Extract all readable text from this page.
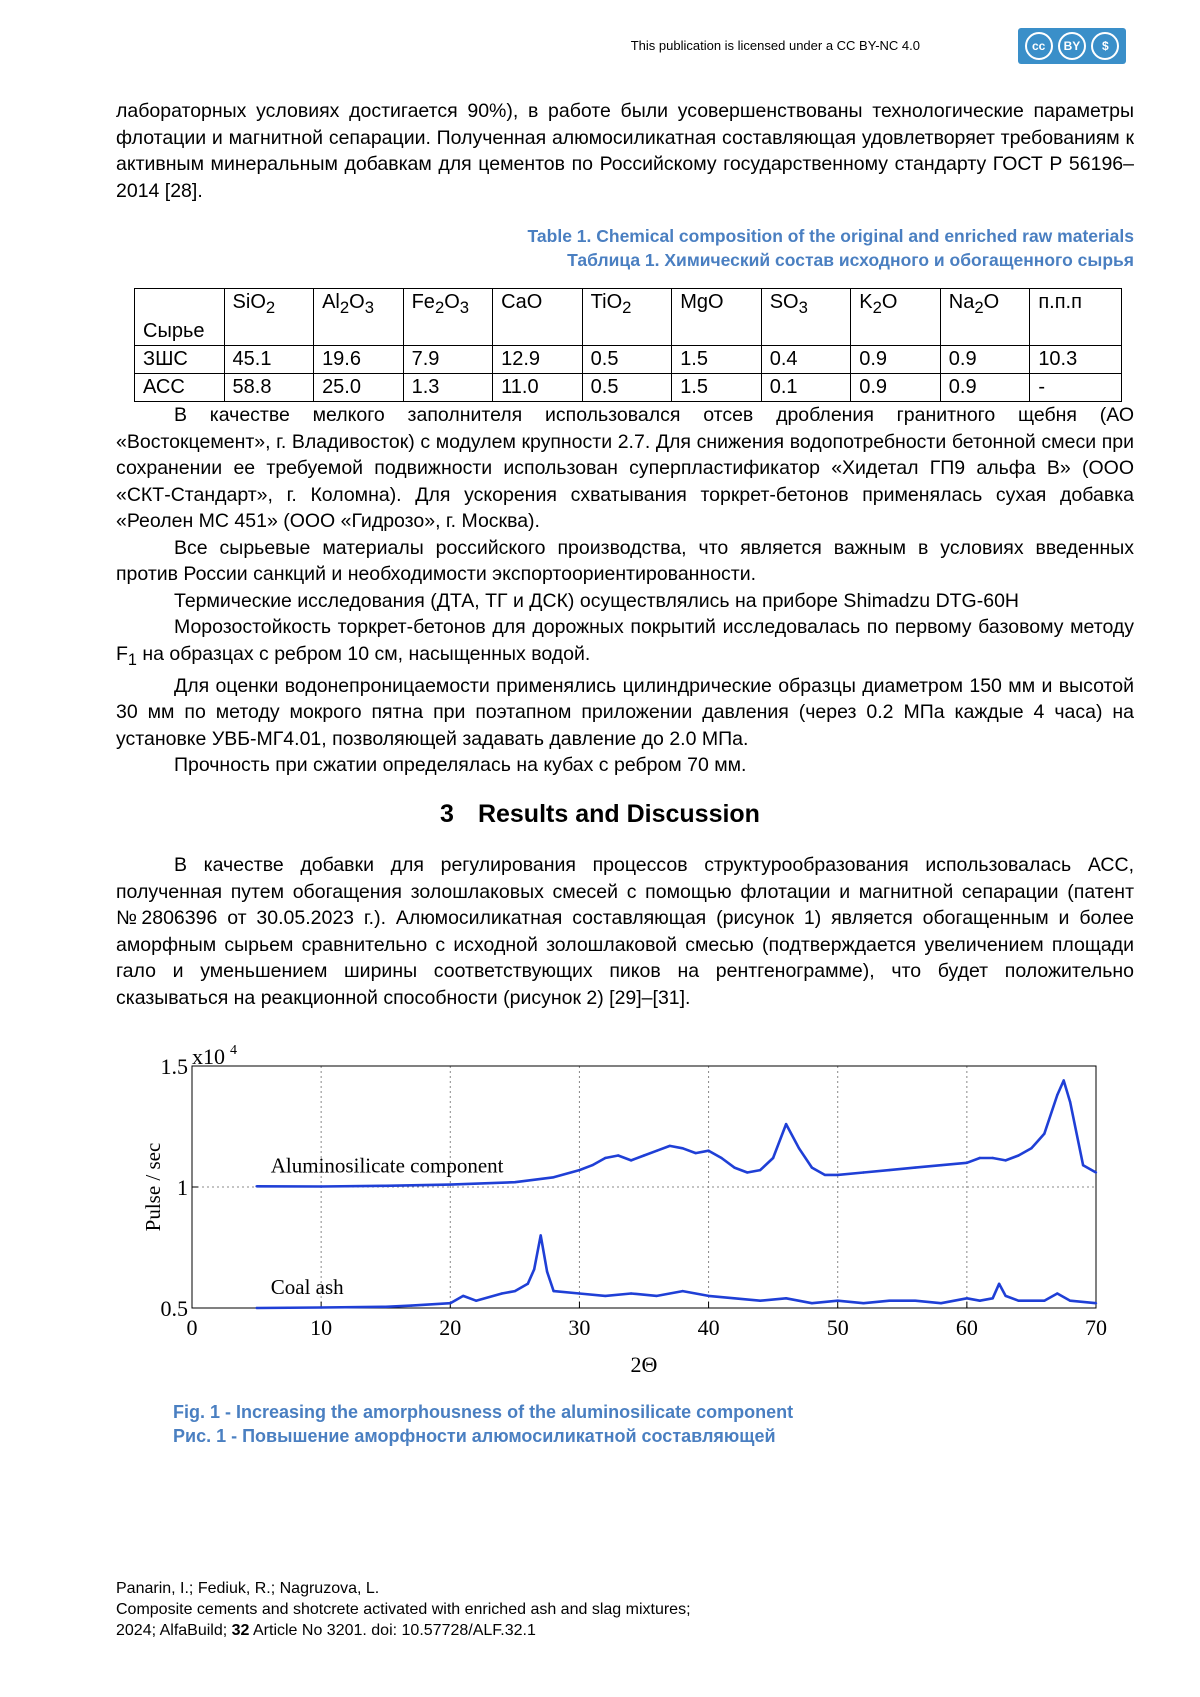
This publication is licensed under a CC BY-NC 4.0	cc	BY	$

лабораторных условиях достигается 90%), в работе были усовершенствованы технологические параметры флотации и магнитной сепарации. Полученная алюмосиликатная составляющая удовлетворяет требованиям к активным минеральным добавкам для цементов по Российскому государственному стандарту ГОСТ Р 56196–2014 [28].

Table 1. Chemical composition of the original and enriched raw materials
Таблица 1. Химический состав исходного и обогащенного сырья
Сырье	SiO$_2$	$Al_2O_3$	$Fe_2O_3$	CaO	TiO$_2$	MgO	$SO_3$	$K_2O$	$Na_2O$	п.п.п
ЗШС	45.1	19.6	7.9	12.9	0.5	1.5	0.4	0.9	0.9	10.3
АСС	58.8	25.0	1.3	11.0	0.5	1.5	0.1	0.9	0.9	-

В качестве мелкого заполнителя использовался отсев дробления гранитного щебня (АО «Востокцемент», г. Владивосток) с модулем крупности 2.7. Для снижения водопотребности бетонной смеси при сохранении ее требуемой подвижности использован суперпластификатор «Хидетал ГП9 альфа В» (ООО «СКТ-Стандарт», г. Коломна). Для ускорения схватывания торкрет-бетонов применялась сухая добавка «Реолен МС 451» (ООО «Гидрозо», г. Москва).

Все сырьевые материалы российского производства, что является важным в условиях введенных против России санкций и необходимости экспортоориентированности.

Термические исследования (ДТА, ТГ и ДСК) осуществлялись на приборе Shimadzu DTG-60H

Морозостойкость торкрет-бетонов для дорожных покрытий исследовалась по первому базовому методу $F_1$ на образцах с ребром 10 см, насыщенных водой.

Для оценки водонепроницаемости применялись цилиндрические образцы диаметром 150 мм и высотой 30 мм по методу мокрого пятна при поэтапном приложении давления (через 0.2 МПа каждые 4 часа) на установке УВБ-МГ4.01, позволяющей задавать давление до 2.0 МПа.

Прочность при сжатии определялась на кубах с ребром 70 мм.

3 Results and Discussion

В качестве добавки для регулирования процессов структурообразования использовалась АСС, полученная путем обогащения золошлаковых смесей с помощью флотации и магнитной сепарации (патент №2806396 от 30.05.2023 г.). Алюмосиликатная составляющая (рисунок 1) является обогащенным и более аморфным сырьем сравнительно с исходной золошлаковой смесью (подтверждается увеличением площади гало и уменьшением ширины соответствующих пиков на рентгенограмме), что будет положительно сказываться на реакционной способности (рисунок 2) [29]–[31].

0	10	20	30	40	50	60	70
0.5
1
1.5 x10 4
2Θ
Pulse / sec	Aluminosilicate component
Coal ash
Fig. 1 - Increasing the amorphousness of the aluminosilicate component
Рис. 1 - Повышение аморфности алюмосиликатной составляющей
Panarin, I.; Fediuk, R.; Nagruzova, L.
Composite cements and shotcrete activated with enriched ash and slag mixtures;
2024; AlfaBuild; 32 Article No 3201. doi: 10.57728/ALF.32.1
